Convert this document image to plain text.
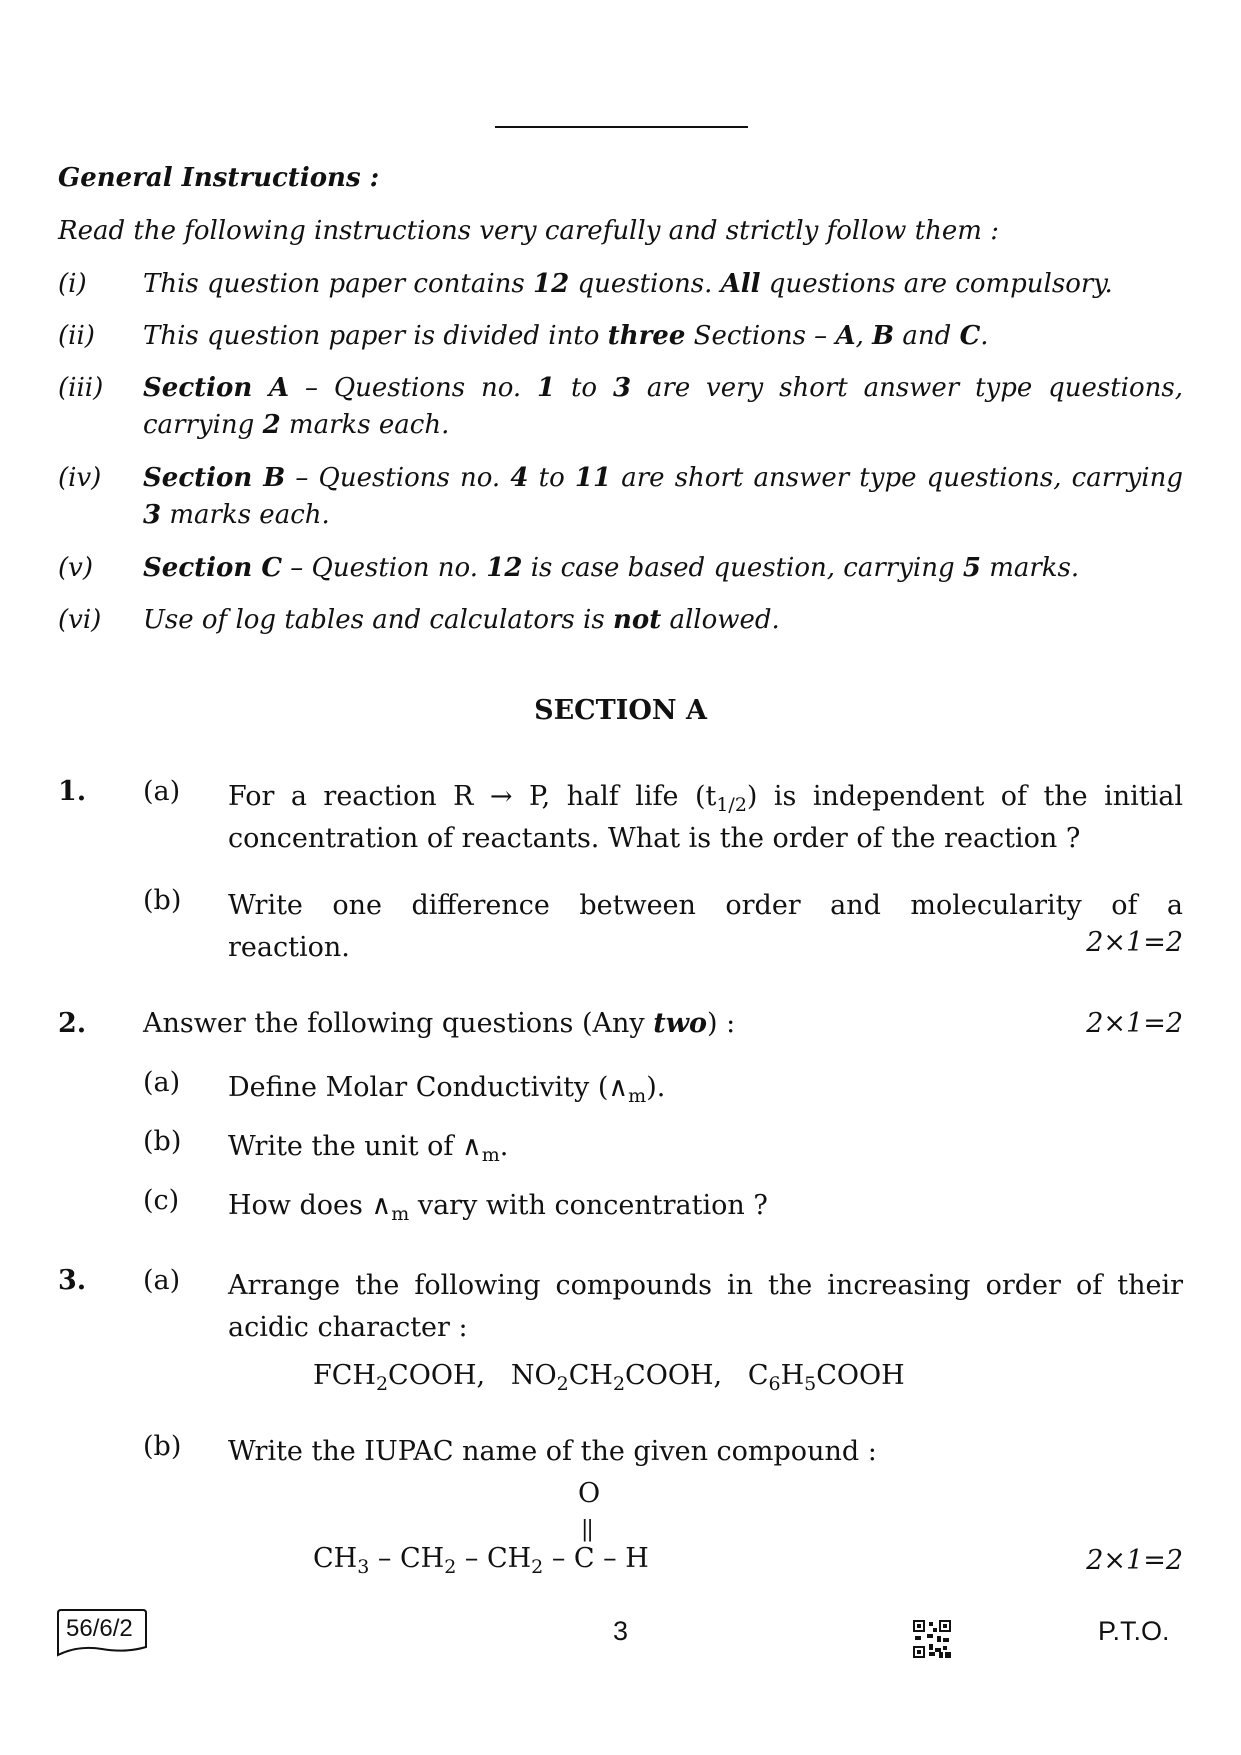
General Instructions :
Read the following instructions very carefully and strictly follow them :
(i) This question paper contains 12 questions. All questions are compulsory.
(ii) This question paper is divided into three Sections – A, B and C.
(iii) Section A – Questions no. 1 to 3 are very short answer type questions, carrying 2 marks each.
(iv) Section B – Questions no. 4 to 11 are short answer type questions, carrying 3 marks each.
(v) Section C – Question no. 12 is case based question, carrying 5 marks.
(vi) Use of log tables and calculators is not allowed.
SECTION A
1. (a) For a reaction R → P, half life $(t_{1/2})$ is independent of the initial
concentration of reactants. What is the order of the reaction ?
(b) Write one difference between order and molecularity of a
reaction.	2×1=2
2. Answer the following questions (Any two) :	2×1=2
(a) Define Molar Conductivity $(\wedge_m)$.
(b) Write the unit of $\wedge_m$.
(c) How does $\wedge_m$ vary with concentration ?
3. (a) Arrange the following compounds in the increasing order of their
acidic character :
$FCH_2COOH$, $NO_2CH_2COOH$, $C_6H_5COOH$
(b) Write the IUPAC name of the given compound :
O
||
$CH_3 - CH_2 - CH_2$ – C – H	2×1=2
56/6/2	3	P.T.O.
